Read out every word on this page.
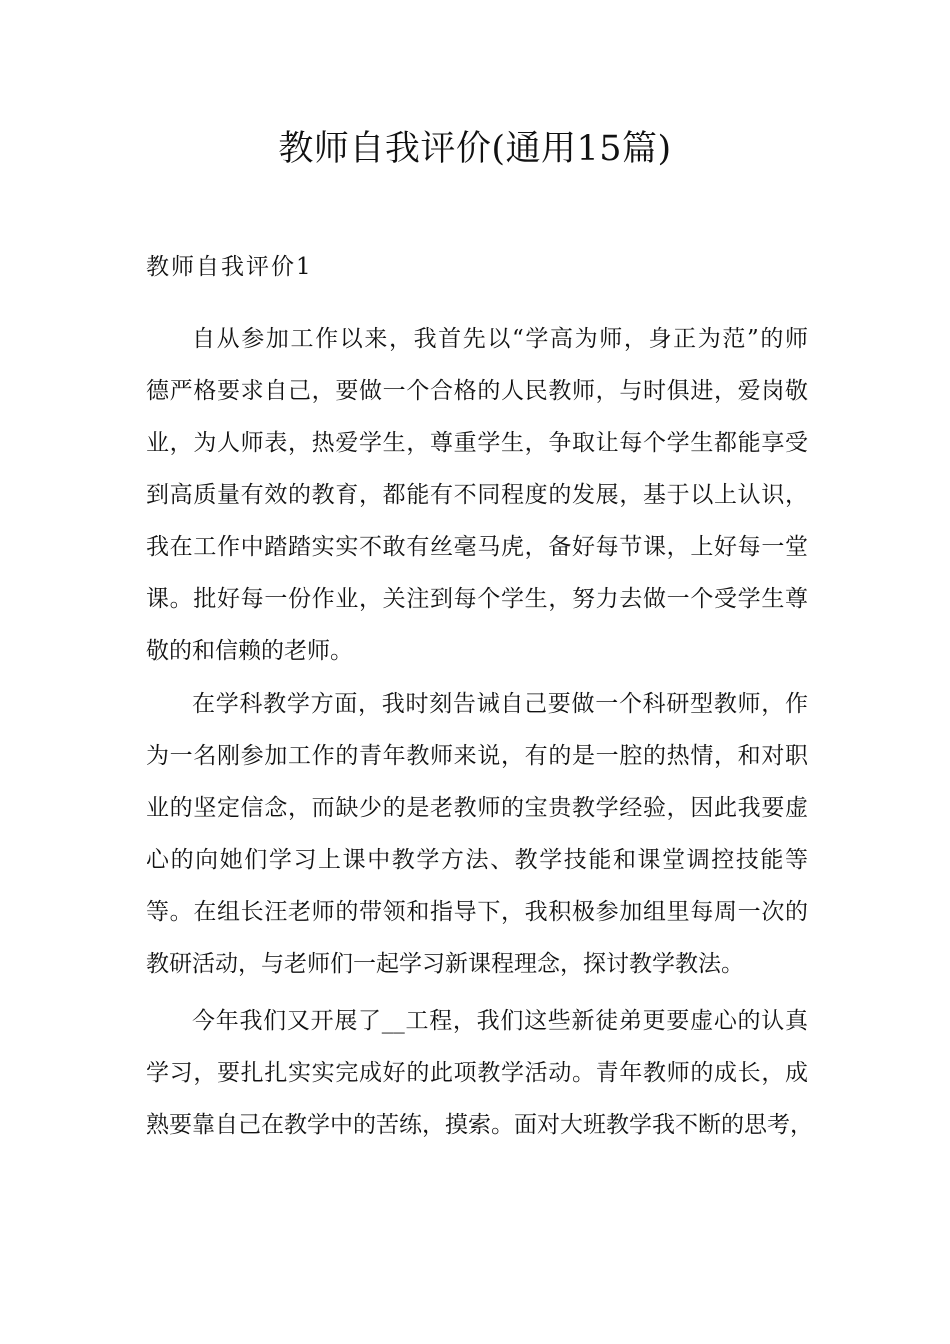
教师自我评价(通用15篇)
教师自我评价1
自从参加工作以来，我首先以“学高为师，身正为范”的师
德严格要求自己，要做一个合格的人民教师，与时俱进，爱岗敬
业，为人师表，热爱学生，尊重学生，争取让每个学生都能享受
到高质量有效的教育，都能有不同程度的发展，基于以上认识，
我在工作中踏踏实实不敢有丝毫马虎，备好每节课，上好每一堂
课。批好每一份作业，关注到每个学生，努力去做一个受学生尊
敬的和信赖的老师。
在学科教学方面，我时刻告诫自己要做一个科研型教师，作
为一名刚参加工作的青年教师来说，有的是一腔的热情，和对职
业的坚定信念，而缺少的是老教师的宝贵教学经验，因此我要虚
心的向她们学习上课中教学方法、教学技能和课堂调控技能等
等。在组长汪老师的带领和指导下，我积极参加组里每周一次的
教研活动，与老师们一起学习新课程理念，探讨教学教法。
今年我们又开展了__工程，我们这些新徒弟更要虚心的认真
学习，要扎扎实实完成好的此项教学活动。青年教师的成长，成
熟要靠自己在教学中的苦练，摸索。面对大班教学我不断的思考，
